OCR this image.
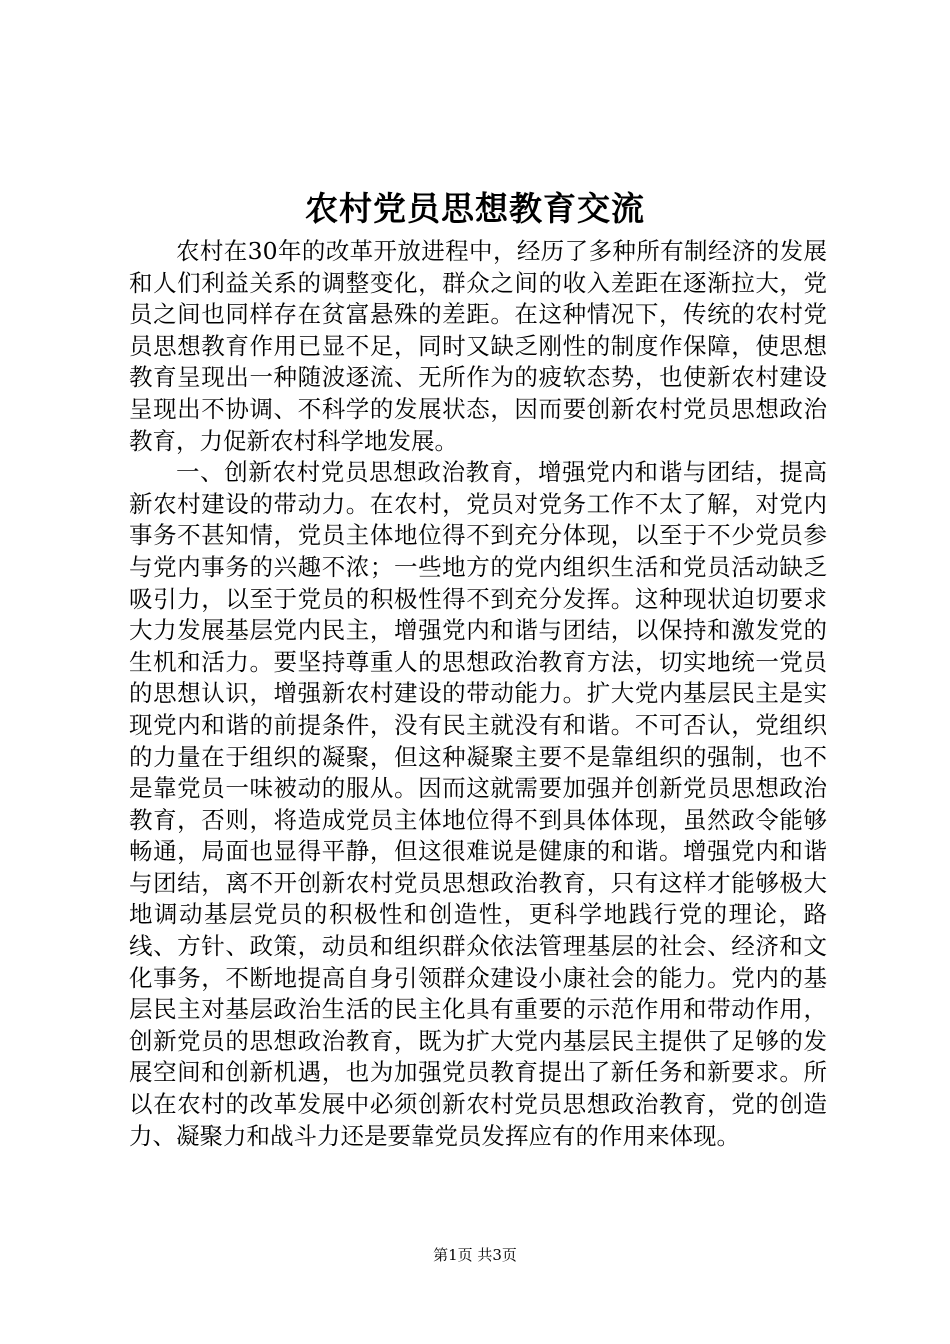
农村党员思想教育交流

农村在30年的改革开放进程中，经历了多种所有制经济的发展和人们利益关系的调整变化，群众之间的收入差距在逐渐拉大，党员之间也同样存在贫富悬殊的差距。在这种情况下，传统的农村党员思想教育作用已显不足，同时又缺乏刚性的制度作保障，使思想教育呈现出一种随波逐流、无所作为的疲软态势，也使新农村建设呈现出不协调、不科学的发展状态，因而要创新农村党员思想政治教育，力促新农村科学地发展。

一、创新农村党员思想政治教育，增强党内和谐与团结，提高新农村建设的带动力。在农村，党员对党务工作不太了解，对党内事务不甚知情，党员主体地位得不到充分体现，以至于不少党员参与党内事务的兴趣不浓；一些地方的党内组织生活和党员活动缺乏吸引力，以至于党员的积极性得不到充分发挥。这种现状迫切要求大力发展基层党内民主，增强党内和谐与团结，以保持和激发党的生机和活力。要坚持尊重人的思想政治教育方法，切实地统一党员的思想认识，增强新农村建设的带动能力。扩大党内基层民主是实现党内和谐的前提条件，没有民主就没有和谐。不可否认，党组织的力量在于组织的凝聚，但这种凝聚主要不是靠组织的强制，也不是靠党员一味被动的服从。因而这就需要加强并创新党员思想政治教育，否则，将造成党员主体地位得不到具体体现，虽然政令能够畅通，局面也显得平静，但这很难说是健康的和谐。增强党内和谐与团结，离不开创新农村党员思想政治教育，只有这样才能够极大地调动基层党员的积极性和创造性，更科学地践行党的理论，路线、方针、政策，动员和组织群众依法管理基层的社会、经济和文化事务，不断地提高自身引领群众建设小康社会的能力。党内的基层民主对基层政治生活的民主化具有重要的示范作用和带动作用，创新党员的思想政治教育，既为扩大党内基层民主提供了足够的发展空间和创新机遇，也为加强党员教育提出了新任务和新要求。所以在农村的改革发展中必须创新农村党员思想政治教育，党的创造力、凝聚力和战斗力还是要靠党员发挥应有的作用来体现。

第1页 共3页
